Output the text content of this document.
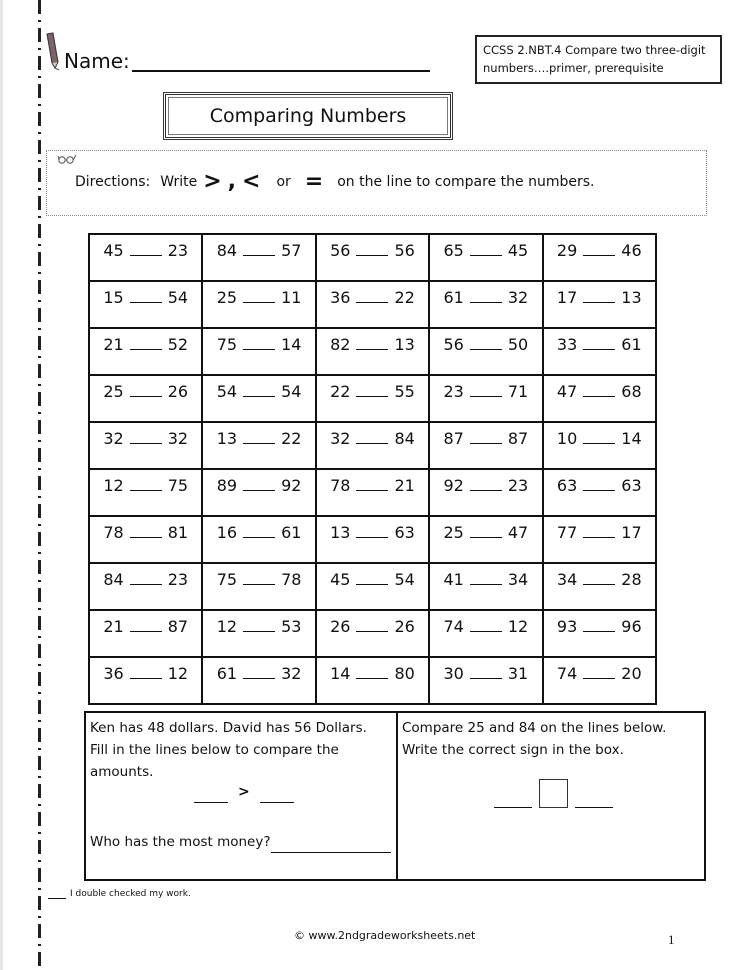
Name:	CCSS 2.NBT.4 Compare two three-digit numbers….primer, prerequisite
Comparing Numbers
Directions: Write > , < or = on the line to compare the numbers.
45 23	84 57	56 56	65 45	29 46

15 54	25 11	36 22	61 32	17 13

21 52	75 14	82 13	56 50	33 61

25 26	54 54	22 55	23 71	47 68

32 32	13 22	32 84	87 87	10 14

12 75	89 92	78 21	92 23	63 63

78 81	16 61	13 63	25 47	77 17

84 23	75 78	45 54	41 34	34 28

21 87	12 53	26 26	74 12	93 96

36 12	61 32	14 80	30 31	74 20
Ken has 48 dollars. David has 56 Dollars.
Fill in the lines below to compare the
amounts.
>
Who has the most money?
Compare 25 and 84 on the lines below.
Write the correct sign in the box.
I double checked my work.
© www.2ndgradeworksheets.net	1
